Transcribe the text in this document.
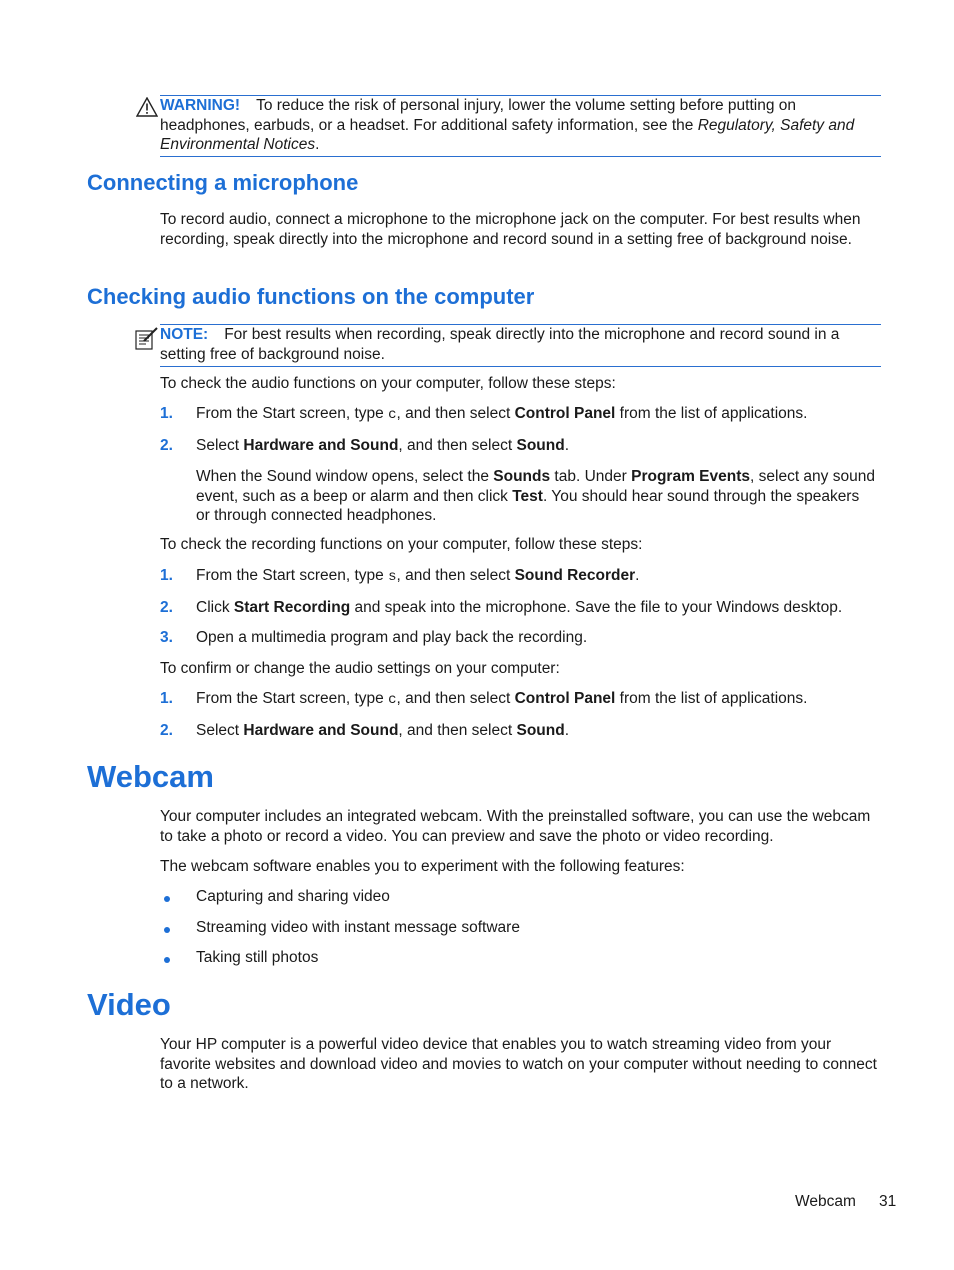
WARNING! To reduce the risk of personal injury, lower the volume setting before putting on headphones, earbuds, or a headset. For additional safety information, see the Regulatory, Safety and Environmental Notices.
Connecting a microphone
To record audio, connect a microphone to the microphone jack on the computer. For best results when recording, speak directly into the microphone and record sound in a setting free of background noise.
Checking audio functions on the computer
NOTE: For best results when recording, speak directly into the microphone and record sound in a setting free of background noise.
To check the audio functions on your computer, follow these steps:
1. From the Start screen, type c, and then select Control Panel from the list of applications.
2. Select Hardware and Sound, and then select Sound.
When the Sound window opens, select the Sounds tab. Under Program Events, select any sound event, such as a beep or alarm and then click Test. You should hear sound through the speakers or through connected headphones.
To check the recording functions on your computer, follow these steps:
1. From the Start screen, type s, and then select Sound Recorder.
2. Click Start Recording and speak into the microphone. Save the file to your Windows desktop.
3. Open a multimedia program and play back the recording.
To confirm or change the audio settings on your computer:
1. From the Start screen, type c, and then select Control Panel from the list of applications.
2. Select Hardware and Sound, and then select Sound.
Webcam
Your computer includes an integrated webcam. With the preinstalled software, you can use the webcam to take a photo or record a video. You can preview and save the photo or video recording.
The webcam software enables you to experiment with the following features:
Capturing and sharing video
Streaming video with instant message software
Taking still photos
Video
Your HP computer is a powerful video device that enables you to watch streaming video from your favorite websites and download video and movies to watch on your computer without needing to connect to a network.
Webcam 31
